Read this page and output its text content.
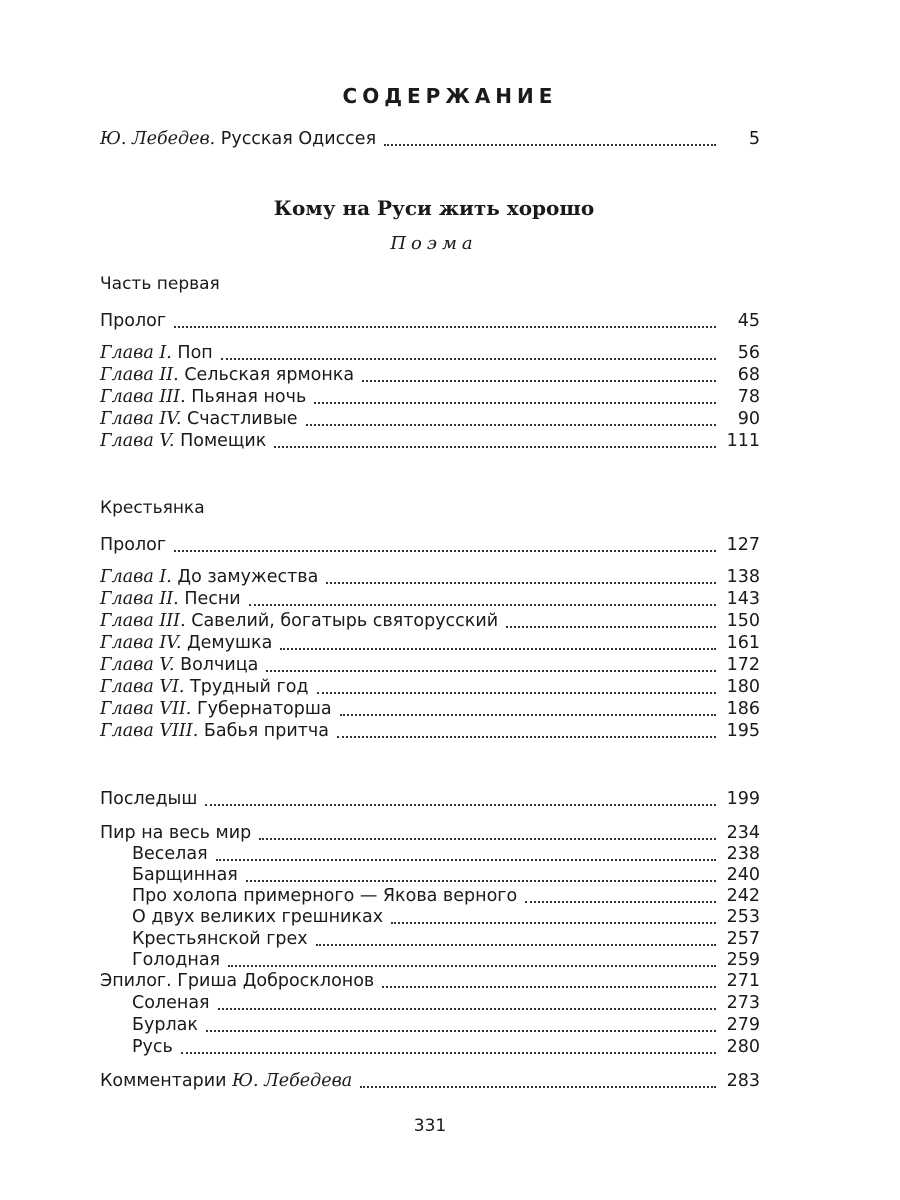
СОДЕРЖАНИЕ
Ю. Лебедев. Русская Одиссея	5
Кому на Руси жить хорошо
Поэма
Часть первая
Пролог	45
Глава I. Поп	56
Глава II. Сельская ярмонка	68
Глава III. Пьяная ночь	78
Глава IV. Счастливые	90
Глава V. Помещик	111
Крестьянка
Пролог	127
Глава I. До замужества	138
Глава II. Песни	143
Глава III. Савелий, богатырь святорусский	150
Глава IV. Демушка	161
Глава V. Волчица	172
Глава VI. Трудный год	180
Глава VII. Губернаторша	186
Глава VIII. Бабья притча	195
Последыш	199
Пир на весь мир	234
Веселая	238
Барщинная	240
Про холопа примерного — Якова верного	242
О двух великих грешниках	253
Крестьянской грех	257
Голодная	259
Эпилог. Гриша Добросклонов	271
Соленая	273
Бурлак	279
Русь	280
Комментарии Ю. Лебедева	283
331
